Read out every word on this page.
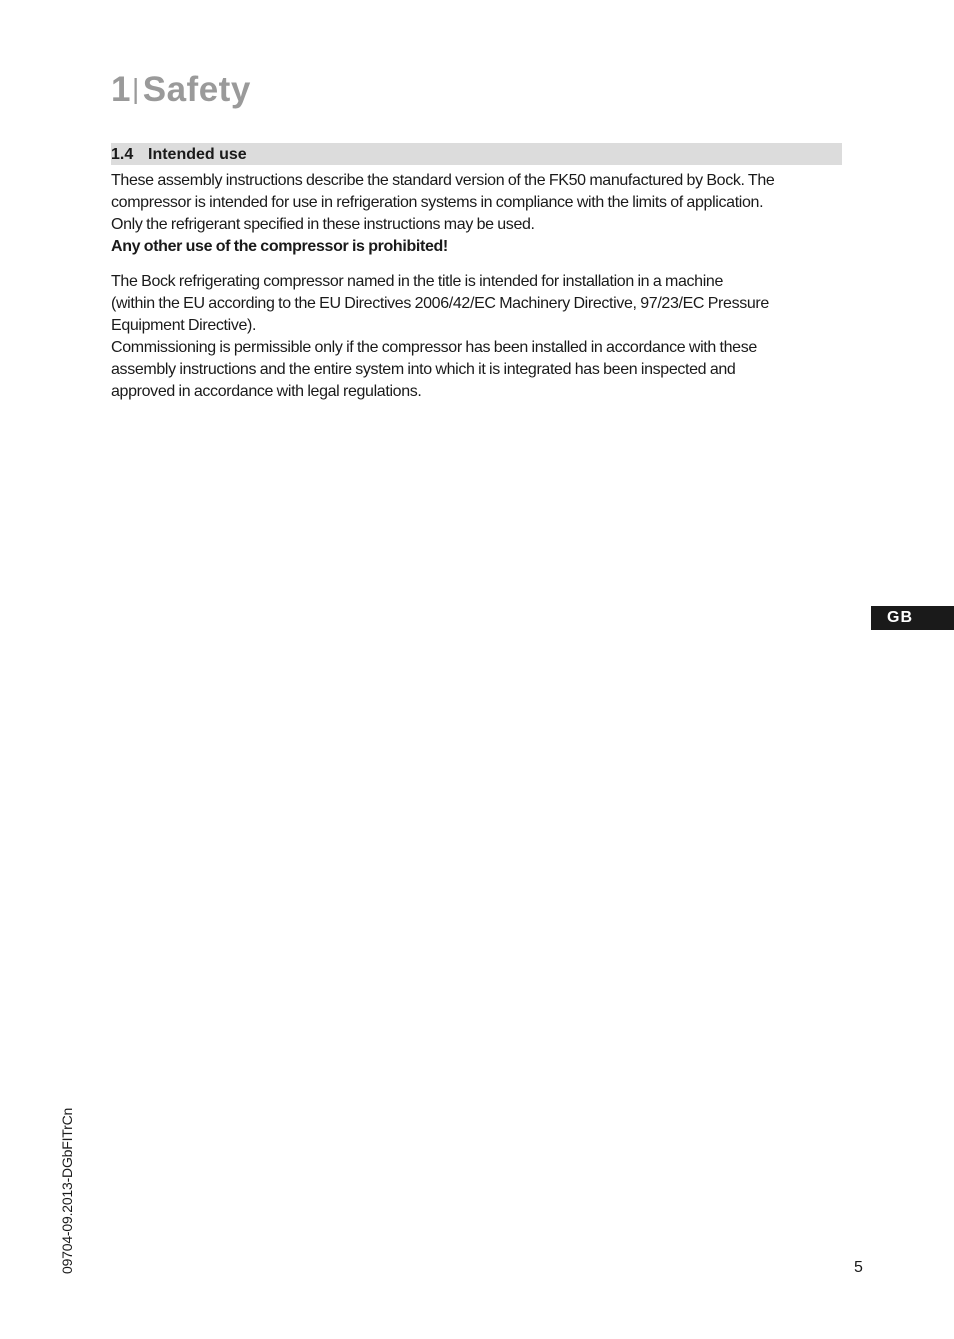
1|Safety
1.4 Intended use

These assembly instructions describe the standard version of the FK50 manufactured by Bock. The

compressor is intended for use in refrigeration systems in compliance with the limits of application.

Only the refrigerant specified in these instructions may be used.

Any other use of the compressor is prohibited!

The Bock refrigerating compressor named in the title is intended for installation in a machine

(within the EU according to the EU Directives 2006/42/EC Machinery Directive, 97/23/EC Pressure

Equipment Directive).

Commissioning is permissible only if the compressor has been installed in accordance with these

assembly instructions and the entire system into which it is integrated has been inspected and

approved in accordance with legal regulations.

GB
09704-09.2013-DGbFITrCn	5
